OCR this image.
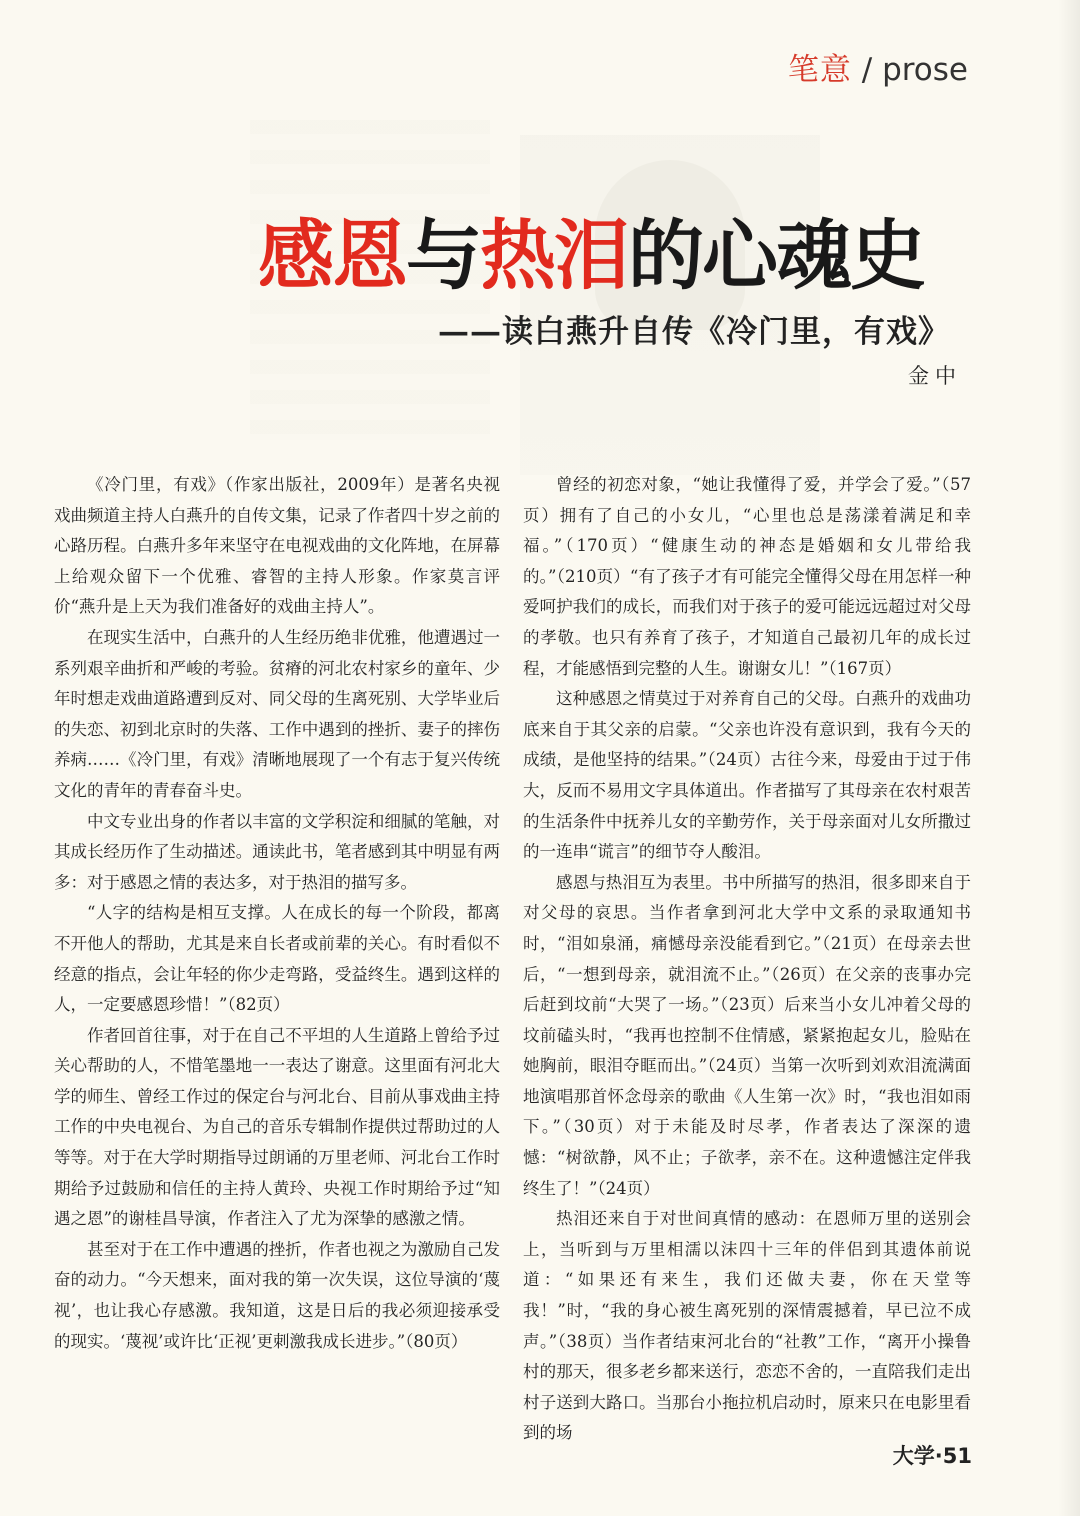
笔意 / prose
感恩与热泪的心魂史
——读白燕升自传《冷门里，有戏》
金中

《冷门里，有戏》（作家出版社，2009年）是著名央视戏曲频道主持人白燕升的自传文集，记录了作者四十岁之前的心路历程。白燕升多年来坚守在电视戏曲的文化阵地，在屏幕上给观众留下一个优雅、睿智的主持人形象。作家莫言评价“燕升是上天为我们准备好的戏曲主持人”。

在现实生活中，白燕升的人生经历绝非优雅，他遭遇过一系列艰辛曲折和严峻的考验。贫瘠的河北农村家乡的童年、少年时想走戏曲道路遭到反对、同父母的生离死别、大学毕业后的失恋、初到北京时的失落、工作中遇到的挫折、妻子的摔伤养病……《冷门里，有戏》清晰地展现了一个有志于复兴传统文化的青年的青春奋斗史。

中文专业出身的作者以丰富的文学积淀和细腻的笔触，对其成长经历作了生动描述。通读此书，笔者感到其中明显有两多：对于感恩之情的表达多，对于热泪的描写多。

“人字的结构是相互支撑。人在成长的每一个阶段，都离不开他人的帮助，尤其是来自长者或前辈的关心。有时看似不经意的指点，会让年轻的你少走弯路，受益终生。遇到这样的人，一定要感恩珍惜！”（82页）

作者回首往事，对于在自己不平坦的人生道路上曾给予过关心帮助的人，不惜笔墨地一一表达了谢意。这里面有河北大学的师生、曾经工作过的保定台与河北台、目前从事戏曲主持工作的中央电视台、为自己的音乐专辑制作提供过帮助过的人等等。对于在大学时期指导过朗诵的万里老师、河北台工作时期给予过鼓励和信任的主持人黄玲、央视工作时期给予过“知遇之恩”的谢桂昌导演，作者注入了尤为深挚的感激之情。

甚至对于在工作中遭遇的挫折，作者也视之为激励自己发奋的动力。“今天想来，面对我的第一次失误，这位导演的‘蔑视’，也让我心存感激。我知道，这是日后的我必须迎接承受的现实。‘蔑视’或许比‘正视’更刺激我成长进步。”（80页）

曾经的初恋对象，“她让我懂得了爱，并学会了爱。”（57页）拥有了自己的小女儿，“心里也总是荡漾着满足和幸福。”（170页）“健康生动的神态是婚姻和女儿带给我的。”（210页）“有了孩子才有可能完全懂得父母在用怎样一种爱呵护我们的成长，而我们对于孩子的爱可能远远超过对父母的孝敬。也只有养育了孩子，才知道自己最初几年的成长过程，才能感悟到完整的人生。谢谢女儿！”（167页）

这种感恩之情莫过于对养育自己的父母。白燕升的戏曲功底来自于其父亲的启蒙。“父亲也许没有意识到，我有今天的成绩，是他坚持的结果。”（24页）古往今来，母爱由于过于伟大，反而不易用文字具体道出。作者描写了其母亲在农村艰苦的生活条件中抚养儿女的辛勤劳作，关于母亲面对儿女所撒过的一连串“谎言”的细节夺人酸泪。

感恩与热泪互为表里。书中所描写的热泪，很多即来自于对父母的哀思。当作者拿到河北大学中文系的录取通知书时，“泪如泉涌，痛憾母亲没能看到它。”（21页）在母亲去世后，“一想到母亲，就泪流不止。”（26页）在父亲的丧事办完后赶到坟前“大哭了一场。”（23页）后来当小女儿冲着父母的坟前磕头时，“我再也控制不住情感，紧紧抱起女儿，脸贴在她胸前，眼泪夺眶而出。”（24页）当第一次听到刘欢泪流满面地演唱那首怀念母亲的歌曲《人生第一次》时，“我也泪如雨下。”（30页）对于未能及时尽孝，作者表达了深深的遗憾：“树欲静，风不止；子欲孝，亲不在。这种遗憾注定伴我终生了！”（24页）

热泪还来自于对世间真情的感动：在恩师万里的送别会上，当听到与万里相濡以沫四十三年的伴侣到其遗体前说道：“如果还有来生，我们还做夫妻，你在天堂等我！”时，“我的身心被生离死别的深情震撼着，早已泣不成声。”（38页）当作者结束河北台的“社教”工作，“离开小操鲁村的那天，很多老乡都来送行，恋恋不舍的，一直陪我们走出村子送到大路口。当那台小拖拉机启动时，原来只在电影里看到的场

大学·51
